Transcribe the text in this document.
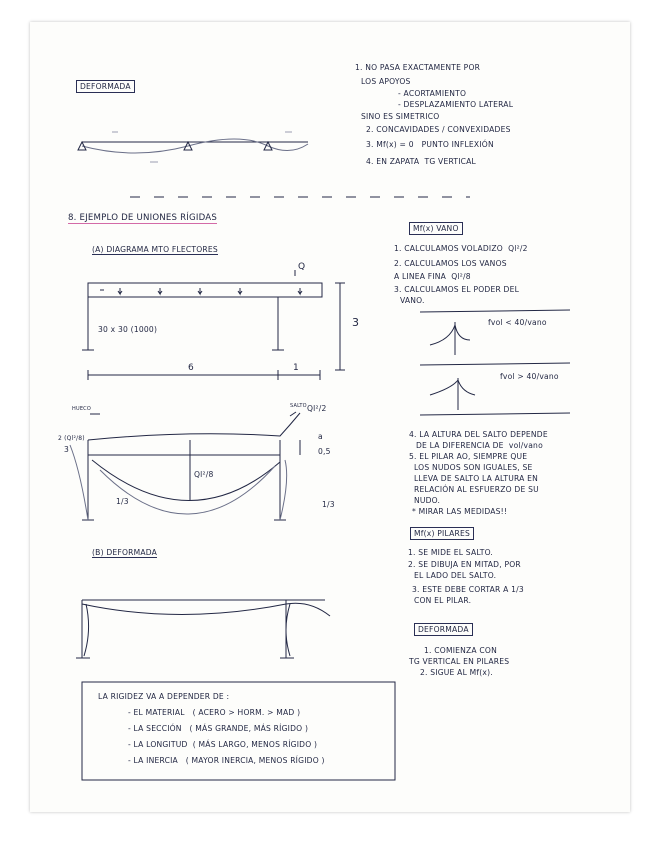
DEFORMADA
1. NO PASA EXACTAMENTE POR
LOS APOYOS
- ACORTAMIENTO
- DESPLAZAMIENTO LATERAL
SINO ES SIMETRICO
2. CONCAVIDADES / CONVEXIDADES
3. Mf(x) = 0   PUNTO INFLEXIÓN
4. EN ZAPATA  TG VERTICAL
8. EJEMPLO DE UNIONES RÍGIDAS
(A) DIAGRAMA MTO FLECTORES
Q
30 x 30 (1000)
3
6	1
HUECO	SALTO Ql²/2
2 (Ql²/8)
3
a
0,5
Ql²/8
1/3	1/3
Mf(x) VANO
1. CALCULAMOS VOLADIZO  Ql²/2
2. CALCULAMOS LOS VANOS
A LINEA FINA  Ql²/8
3. CALCULAMOS EL PODER DEL
VANO.
fvol < 40/vano
fvol > 40/vano
4. LA ALTURA DEL SALTO DEPENDE
DE LA DIFERENCIA DE  vol/vano
5. EL PILAR AO, SIEMPRE QUE
LOS NUDOS SON IGUALES, SE
LLEVA DE SALTO LA ALTURA EN
RELACIÓN AL ESFUERZO DE SU
NUDO.
* MIRAR LAS MEDIDAS!!
Mf(x) PILARES
1. SE MIDE EL SALTO.
2. SE DIBUJA EN MITAD, POR
EL LADO DEL SALTO.
3. ESTE DEBE CORTAR A 1/3
CON EL PILAR.
DEFORMADA
1. COMIENZA CON
TG VERTICAL EN PILARES
2. SIGUE AL Mf(x).
(B) DEFORMADA
LA RIGIDEZ VA A DEPENDER DE :
- EL MATERIAL   ( ACERO > HORM. > MAD )
- LA SECCIÓN   ( MÁS GRANDE, MÁS RÍGIDO )
- LA LONGITUD  ( MÁS LARGO, MENOS RÍGIDO )
- LA INERCIA   ( MAYOR INERCIA, MENOS RÍGIDO )
